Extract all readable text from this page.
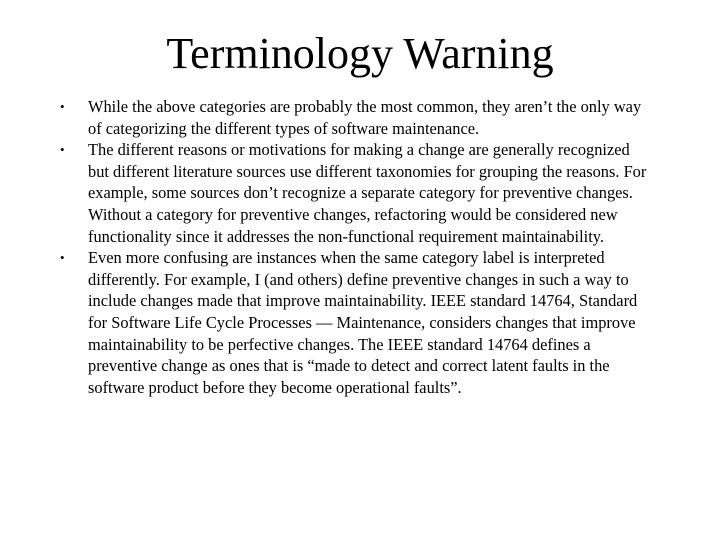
Terminology Warning
•	While the above categories are probably the most common, they aren’t the only way of categorizing the different types of software maintenance.
•	The different reasons or motivations for making a change are generally recognized but different literature sources use different taxonomies for grouping the reasons. For example, some sources don’t recognize a separate category for preventive changes. Without a category for preventive changes, refactoring would be considered new functionality since it addresses the non-functional requirement maintainability.
•	Even more confusing are instances when the same category label is interpreted differently. For example, I (and others) define preventive changes in such a way to include changes made that improve maintainability. IEEE standard 14764, Standard for Software Life Cycle Processes — Maintenance, considers changes that improve maintainability to be perfective changes. The IEEE standard 14764 defines a preventive change as ones that is “made to detect and correct latent faults in the software product before they become operational faults”.
